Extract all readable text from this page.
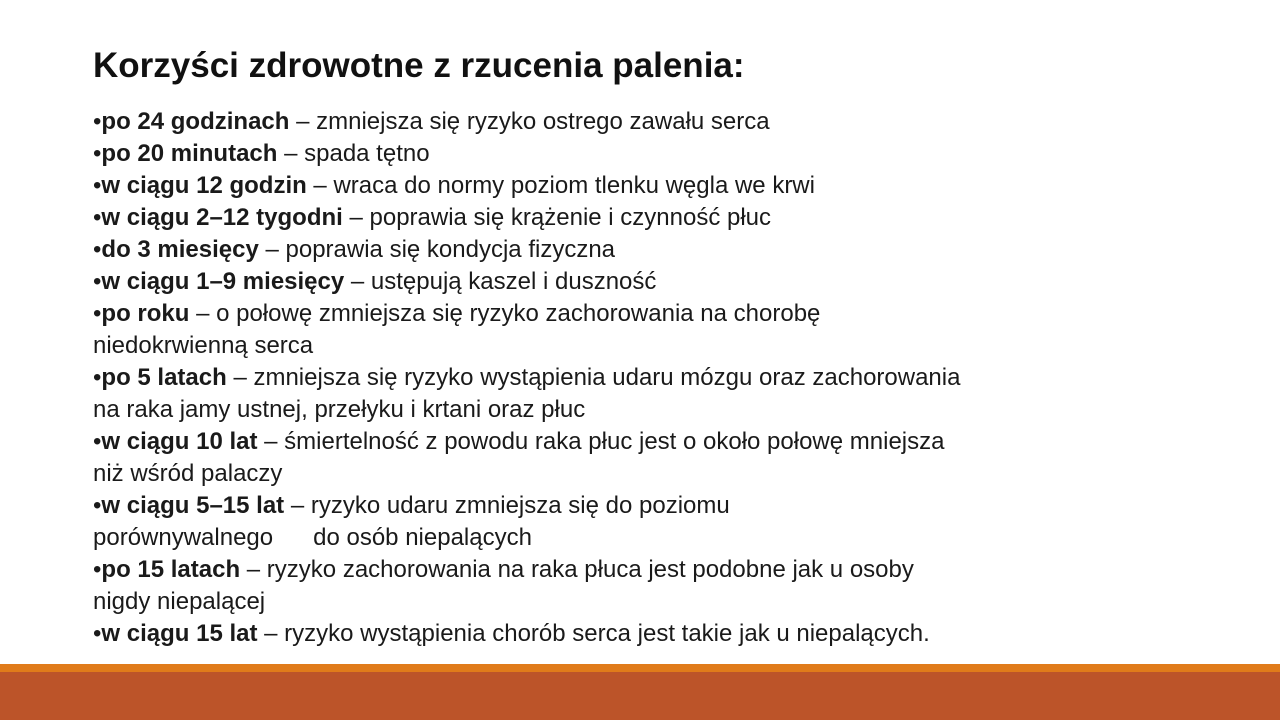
Korzyści zdrowotne z rzucenia palenia:
•po 24 godzinach – zmniejsza się ryzyko ostrego zawału serca
•po 20 minutach – spada tętno
•w ciągu 12 godzin – wraca do normy poziom tlenku węgla we krwi
•w ciągu 2–12 tygodni – poprawia się krążenie i czynność płuc
•do 3 miesięcy – poprawia się kondycja fizyczna
•w ciągu 1–9 miesięcy – ustępują kaszel i duszność
•po roku – o połowę zmniejsza się ryzyko zachorowania na chorobę
niedokrwienną serca
•po 5 latach – zmniejsza się ryzyko wystąpienia udaru mózgu oraz zachorowania
na raka jamy ustnej, przełyku i krtani oraz płuc
•w ciągu 10 lat – śmiertelność z powodu raka płuc jest o około połowę mniejsza
niż wśród palaczy
•w ciągu 5–15 lat – ryzyko udaru zmniejsza się do poziomu
porównywalnego      do osób niepalących
•po 15 latach – ryzyko zachorowania na raka płuca jest podobne jak u osoby
nigdy niepalącej
•w ciągu 15 lat – ryzyko wystąpienia chorób serca jest takie jak u niepalących.
